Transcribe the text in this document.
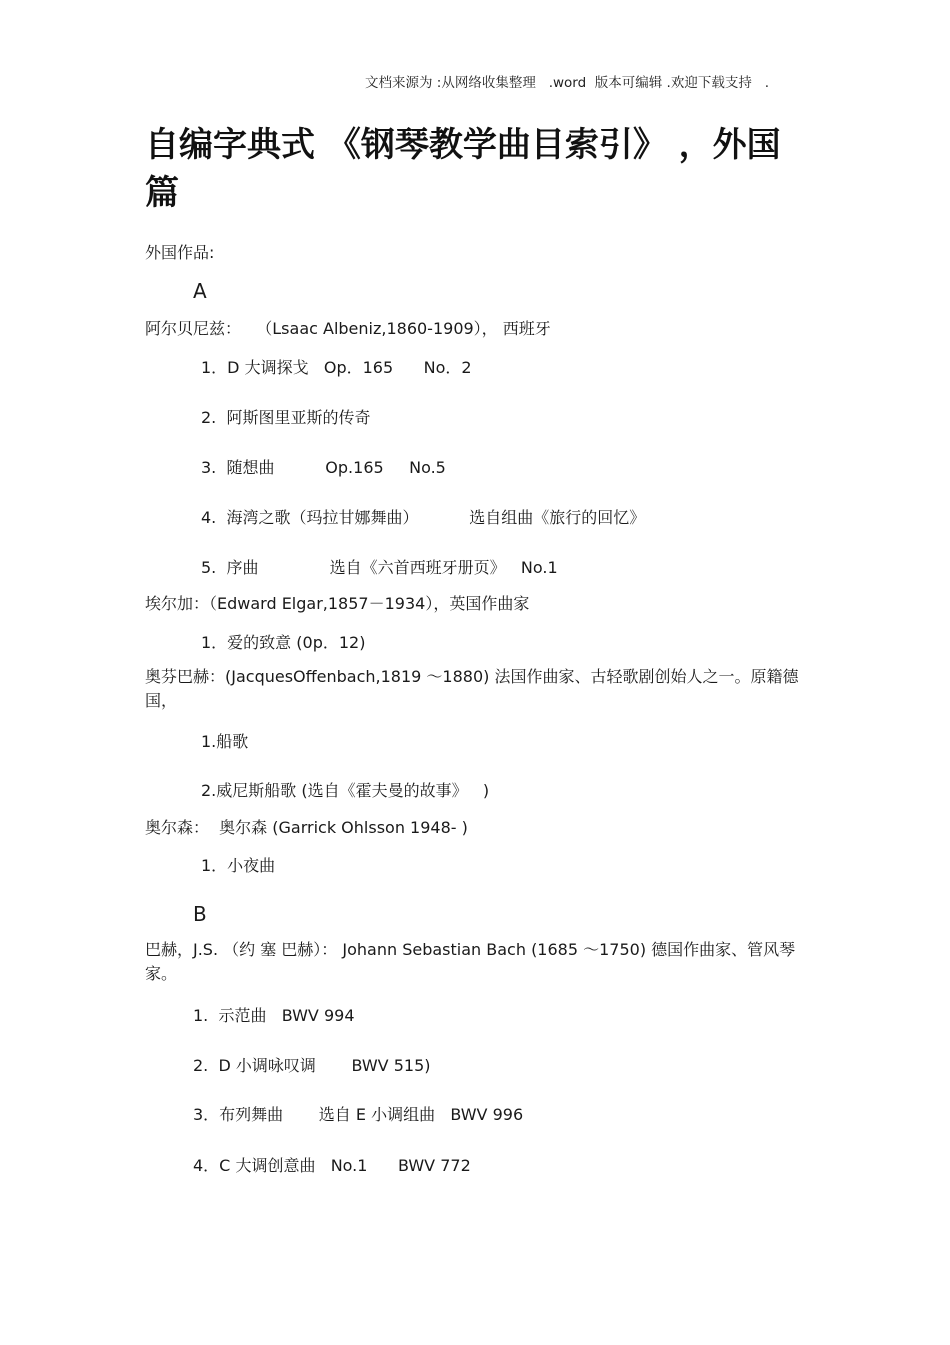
文档来源为 :从网络收集整理   .word  版本可编辑 .欢迎下载支持   .
自编字典式 《钢琴教学曲目索引》 ，外国
篇
外国作品:
A
阿尔贝尼兹：   （Lsaac Albeniz,1860-1909）， 西班牙
1．D 大调探戈   Op．165      No．2
2.  阿斯图里亚斯的传奇
3.  随想曲          Op.165     No.5
4.  海湾之歌（玛拉甘娜舞曲）          选自组曲《旅行的回忆》
5.  序曲              选自《六首西班牙册页》   No.1
埃尔加：（Edward Elgar,1857－1934），英国作曲家
1．爱的致意 (0p．12)
奥芬巴赫：(JacquesOffenbach,1819 ～1880) 法国作曲家、古轻歌剧创始人之一。原籍德国，
1.船歌
2.威尼斯船歌 (选自《霍夫曼的故事》   )
奥尔森：  奥尔森 (Garrick Ohlsson 1948- )
1．小夜曲
B
巴赫，J.S. （约 塞 巴赫）： Johann Sebastian Bach (1685 ～1750) 德国作曲家、管风琴家。
1.  示范曲   BWV 994
2.  D 小调咏叹调       BWV 515)
3．布列舞曲       选自 E 小调组曲   BWV 996
4．C 大调创意曲   No.1      BWV 772
